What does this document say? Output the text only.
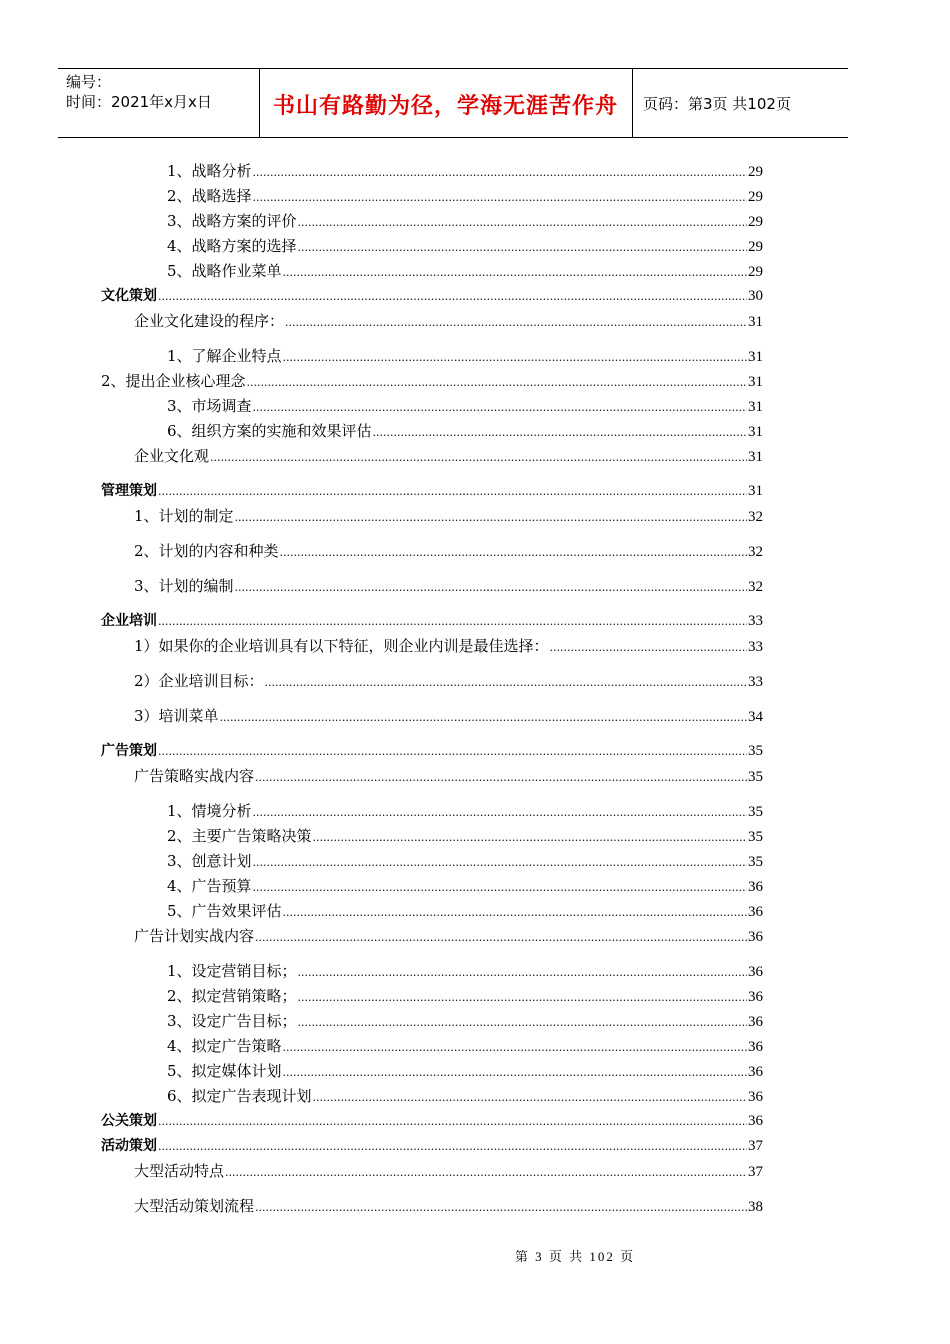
编号：
时间：2021年x月x日	书山有路勤为径，学海无涯苦作舟	页码：第3页 共102页
1、战略分析 .....	29
2、战略选择 .....	29
3、战略方案的评价 .....	29
4、战略方案的选择 .....	29
5、战略作业菜单 .....	29
文化策划 .....	30
企业文化建设的程序： .....	31
1、了解企业特点 .....	31
2、提出企业核心理念 .....	31
3、市场调查 .....	31
6、组织方案的实施和效果评估 .....	31
企业文化观 .....	31
管理策划 .....	31
1、计划的制定 .....	32
2、计划的内容和种类 .....	32
3、计划的编制 .....	32
企业培训 .....	33
1）如果你的企业培训具有以下特征，则企业内训是最佳选择： .....	33
2）企业培训目标： .....	33
3）培训菜单 .....	34
广告策划 .....	35
广告策略实战内容 .....	35
1、情境分析 .....	35
2、主要广告策略决策 .....	35
3、创意计划 .....	35
4、广告预算 .....	36
5、广告效果评估 .....	36
广告计划实战内容 .....	36
1、设定营销目标； .....	36
2、拟定营销策略； .....	36
3、设定广告目标； .....	36
4、拟定广告策略 .....	36
5、拟定媒体计划 .....	36
6、拟定广告表现计划 .....	36
公关策划 .....	36
活动策划 .....	37
大型活动特点 .....	37
大型活动策划流程 .....	38
第 3 页 共 102 页
